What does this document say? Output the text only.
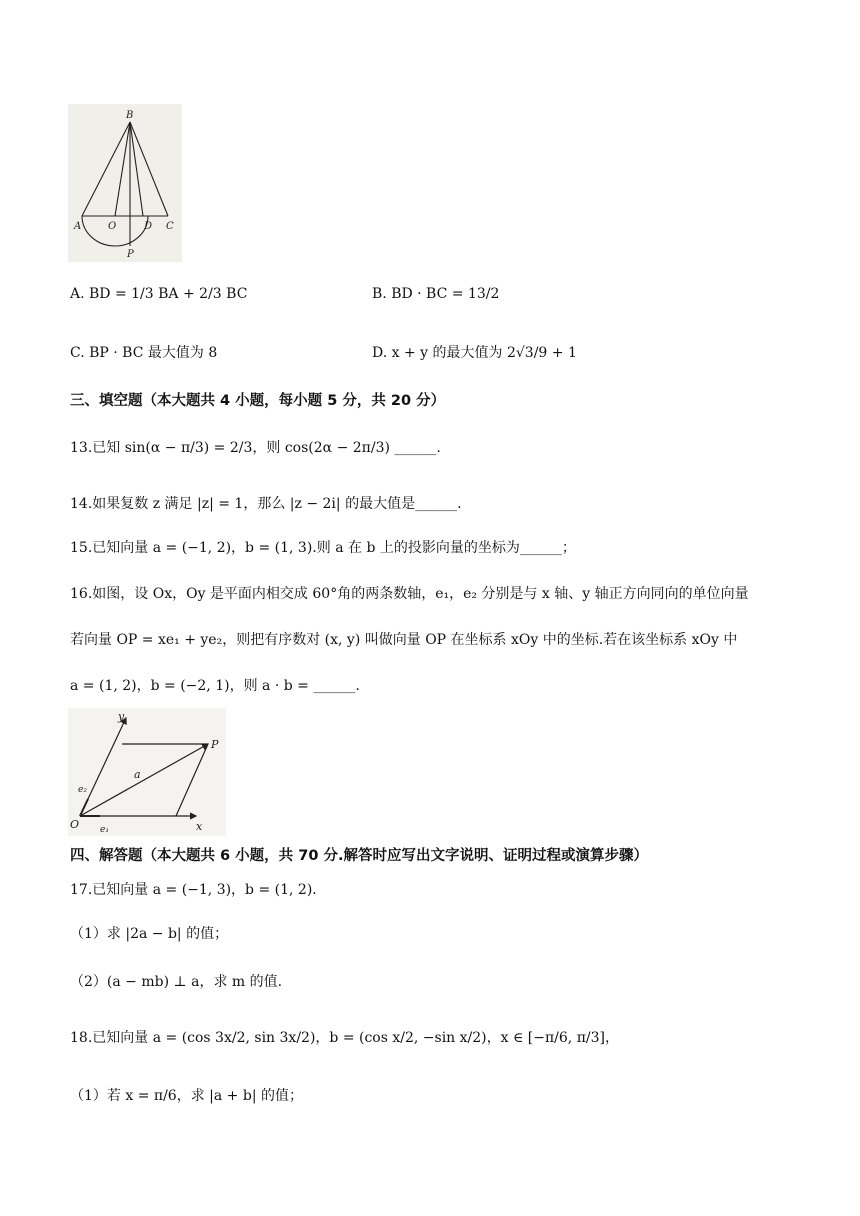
B
A	O	D C
P
A. BD = 1/3 BA + 2/3 BC	B. BD · BC = 13/2
C. BP · BC 最大值为 8	D. x + y 的最大值为 2√3/9 + 1
三、填空题（本大题共 4 小题，每小题 5 分，共 20 分）
13.已知 sin(α − π/3) = 2/3，则 cos(2α − 2π/3) ______.
14.如果复数 z 满足 |z| = 1，那么 |z − 2i| 的最大值是______.
15.已知向量 a = (−1, 2)，b = (1, 3).则 a 在 b 上的投影向量的坐标为______；
16.如图，设 Ox，Oy 是平面内相交成 60°角的两条数轴，e₁，e₂ 分别是与 x 轴、y 轴正方向同向的单位向量
若向量 OP = xe₁ + ye₂，则把有序数对 (x, y) 叫做向量 OP 在坐标系 xOy 中的坐标.若在该坐标系 xOy 中
a = (1, 2)，b = (−2, 1)，则 a · b = ______.
y
P
a
e₂
O e₁	x
四、解答题（本大题共 6 小题，共 70 分.解答时应写出文字说明、证明过程或演算步骤）
17.已知向量 a = (−1, 3)，b = (1, 2).
（1）求 |2a − b| 的值；
（2）(a − mb) ⊥ a，求 m 的值.
18.已知向量 a = (cos 3x/2, sin 3x/2)，b = (cos x/2, −sin x/2)，x ∈ [−π/6, π/3]，
（1）若 x = π/6，求 |a + b| 的值；
